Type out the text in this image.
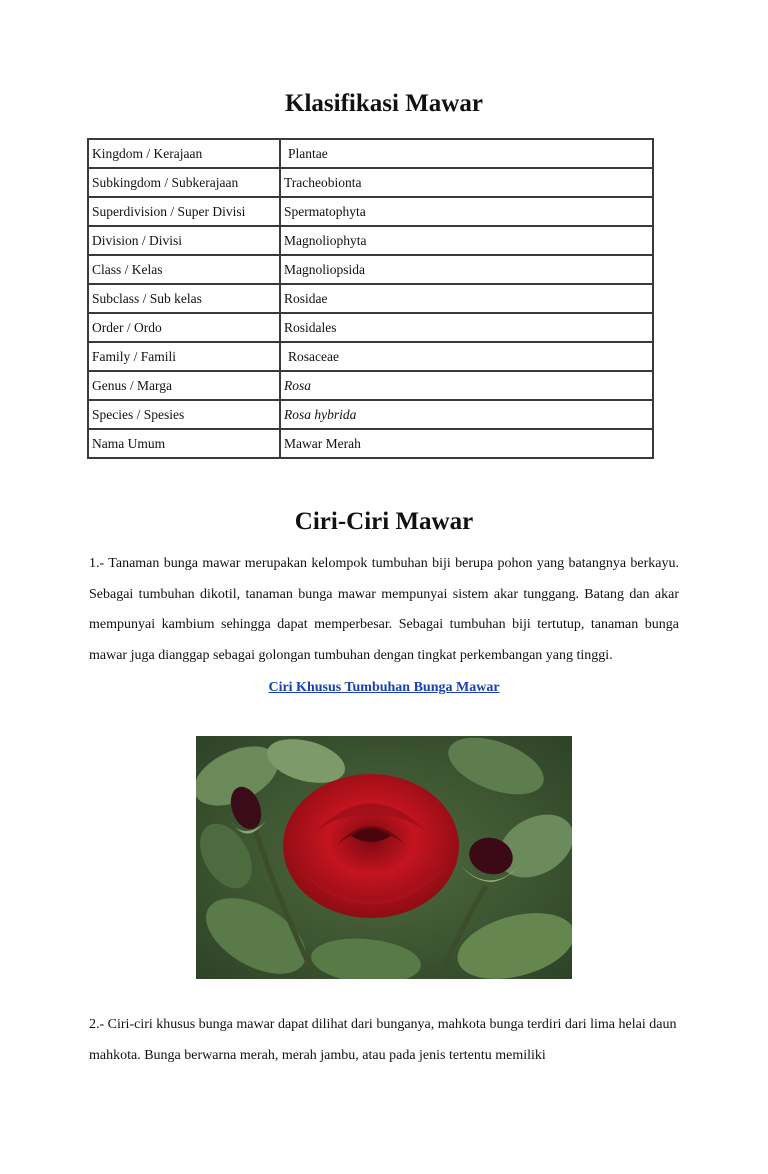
Klasifikasi Mawar
Kingdom / Kerajaan	Plantae
Subkingdom / Subkerajaan	Tracheobionta
Superdivision / Super Divisi	Spermatophyta
Division / Divisi	Magnoliophyta
Class / Kelas	Magnoliopsida
Subclass / Sub kelas	Rosidae
Order / Ordo	Rosidales
Family / Famili	Rosaceae
Genus / Marga	Rosa
Species / Spesies	Rosa hybrida
Nama Umum	Mawar Merah
Ciri-Ciri Mawar

1.- Tanaman bunga mawar merupakan kelompok tumbuhan biji berupa pohon yang batangnya berkayu. Sebagai tumbuhan dikotil, tanaman bunga mawar mempunyai sistem akar tunggang. Batang dan akar mempunyai kambium sehingga dapat memperbesar. Sebagai tumbuhan biji tertutup, tanaman bunga mawar juga dianggap sebagai golongan tumbuhan dengan tingkat perkembangan yang tinggi.

Ciri Khusus Tumbuhan Bunga Mawar

2.- Ciri-ciri khusus bunga mawar dapat dilihat dari bunganya, mahkota bunga terdiri dari lima helai daun mahkota. Bunga berwarna merah, merah jambu, atau pada jenis tertentu memiliki
